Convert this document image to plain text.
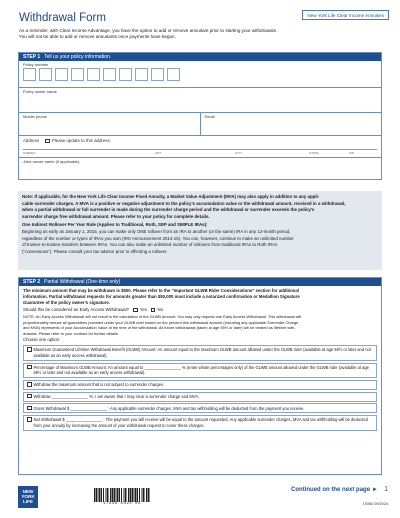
New York Life Clear Income Annuities
Withdrawal Form
As a reminder, with Clear Income Advantage, you have the option to add or remove annuitant prior to starting your withdrawals.
You will not be able to add or remove annuitants once payments have begun.
STEP 1 Tell us your policy information.
Policy number
Policy owner name
Mobile phone	Email
Address	Please update to this address.
STREET	APT.	CITY	STATE	ZIP
Joint owner name (if applicable)
Note: If applicable, for the New York Life Clear Income Fixed Annuity, a Market Value Adjustment (MVA) may also apply in addition to any appli-
cable surrender charges. A MVA is a positive or negative adjustment to the policy’s accumulation value or the withdrawal amount, received in a withdrawal,
when a partial withdrawal or full surrender is made during the surrender charge period and the withdrawal or surrender exceeds the policy’s
surrender charge free withdrawal amount. Please refer to your policy for complete details.
One Indirect Rollover Per Year Rule (Applies to Traditional, Roth, SEP and SIMPLE IRAs):
Beginning as early as January 1, 2015, you can make only ONE rollover from an IRA to another (or the same) IRA in any 12-month period,
regardless of the number or types of IRAs you own (IRS Announcement 2014-15). You can, however, continue to make an unlimited number
of trustee-to-trustee transfers between IRAs. You can also make an unlimited number of rollovers from traditional IRAs to Roth IRAs
(“conversions”). Please consult your tax advisor prior to effecting a rollover.
STEP 2 Partial Withdrawal (One-time only)

The minimum amount that may be withdrawn is $500. Please refer to the “Important GLWB Rider Considerations” section for additional

information. Partial withdrawal requests for amounts greater than $50,000 must include a notarized confirmation or Medallion Signature

Guarantee of the policy owner’s signature.

Should this be considered an Early Access Withdrawal? Yes No

NOTE: An Early Access Withdrawal will not result in the calculation of the GLWB Amount. You may only request one Early Access Withdrawal. This withdrawal will
proportionately reduce all guarantees provided under your GLWB rider based on the percent this withdrawal amount (including any applicable Surrender Charge
and MVA) represents of your Accumulation Value at the time of the withdrawal. All future withdrawals (taken at age 59½ or later) will be treated as lifetime with-
drawals. Please refer to your contract for further details.

Choose one option:

Maximum Guaranteed Lifetime Withdrawal Benefit (GLWB) Amount: An amount equal to the maximum GLWB amount allowed under the GLWB rider (available at age 59½ or later and not available as an early access withdrawal).
Percentage of Maximum GLWB Amount: An amount equal to ________________ % (enter whole percentages only) of the GLWB amount allowed under the GLWB rider (available at age 59½ or later and not available as an early access withdrawal).
Withdraw the maximum amount that is not subject to surrender charges.
Withdraw ________________ %; I am aware that I may incur a surrender charge and MVA.
Gross Withdrawal $ ________________ : Any applicable surrender charges, MVA and tax withholding will be deducted from the payment you receive.
Net Withdrawal $ ________________ : The payment you will receive will be equal to the amount requested. Any applicable surrender charges, MVA and tax withholding will be deducted from your annuity by increasing the amount of your withdrawal request to cover these charges.
NEW YORK LIFE	17930 0323 05
Continued on the next page ► 1
19350 09/2024
